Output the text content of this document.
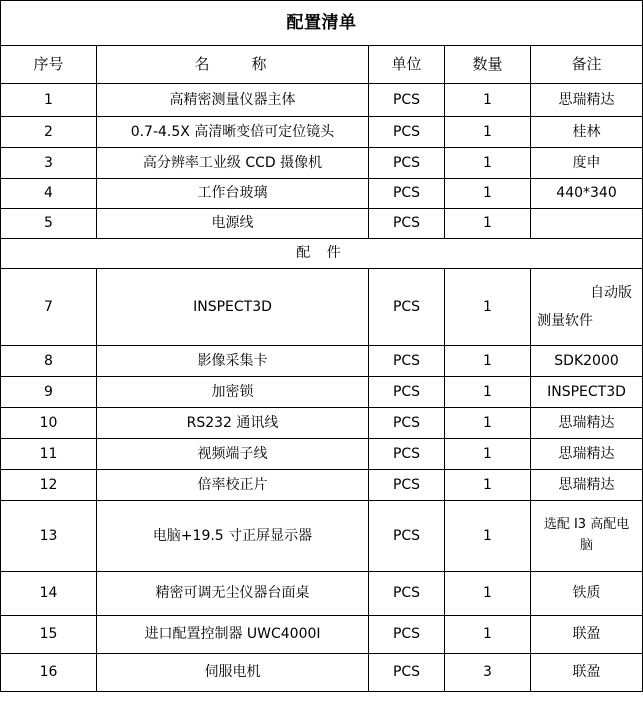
配置清单				
序号	名　　称	单位	数量	备注
1	高精密测量仪器主体	PCS	1	思瑞精达
2	0.7-4.5X 高清晰变倍可定位镜头	PCS	1	桂林
3	高分辨率工业级 CCD 摄像机	PCS	1	度申
4	工作台玻璃	PCS	1	440*340
5	电源线	PCS	1	
配 件				
7	INSPECT3D	PCS	1	自动版
测量软件

8	影像采集卡	PCS	1	SDK2000
9	加密锁	PCS	1	INSPECT3D
10	RS232 通讯线	PCS	1	思瑞精达
11	视频端子线	PCS	1	思瑞精达
12	倍率校正片	PCS	1	思瑞精达
13	电脑+19.5 寸正屏显示器	PCS	1	选配 I3 高配电
脑

14	精密可调无尘仪器台面桌	PCS	1	铁质
15	进口配置控制器 UWC4000I	PCS	1	联盈
16	伺服电机	PCS	3	联盈
